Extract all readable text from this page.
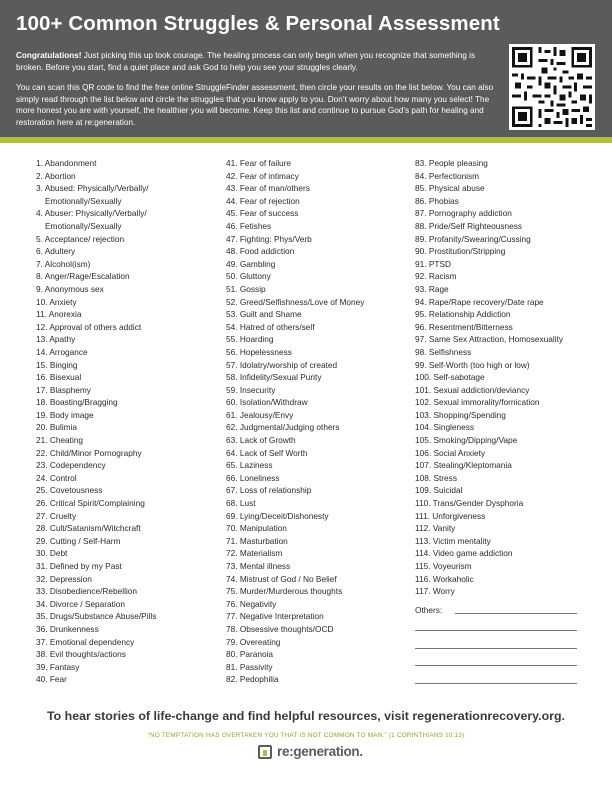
100+ Common Struggles & Personal Assessment

Congratulations! Just picking this up took courage. The healing process can only begin when you recognize that something is broken. Before you start, find a quiet place and ask God to help you see your struggles clearly.

You can scan this QR code to find the free online StruggleFinder assessment, then circle your results on the list below. You can also simply read through the list below and circle the struggles that you know apply to you. Don’t worry about how many you select! The more honest you are with yourself, the healthier you will become. Keep this list and continue to pursue God’s path for healing and restoration here at re:generation.

1. Abandonment
2. Abortion
3. Abused: Physically/Verbally/
Emotionally/Sexually
4. Abuser: Physically/Verbally/
Emotionally/Sexually
5. Acceptance/ rejection
6. Adultery
7. Alcohol(ism)
8. Anger/Rage/Escalation
9. Anonymous sex
10. Anxiety
11. Anorexia
12. Approval of others addict
13. Apathy
14. Arrogance
15. Binging
16. Bisexual
17. Blasphemy
18. Boasting/Bragging
19. Body image
20. Bulimia
21. Cheating
22. Child/Minor Pornography
23. Codependency
24. Control
25. Covetousness
26. Critical Spirit/Complaining
27. Cruelty
28. Cult/Satanism/Witchcraft
29. Cutting / Self-Harm
30. Debt
31. Defined by my Past
32. Depression
33. Disobedience/Rebellion
34. Divorce / Separation
35. Drugs/Substance Abuse/Pills
36. Drunkenness
37. Emotional dependency
38. Evil thoughts/actions
39. Fantasy
40. Fear
41. Fear of failure
42. Fear of intimacy
43. Fear of man/others
44. Fear of rejection
45. Fear of success
46. Fetishes
47. Fighting: Phys/Verb
48. Food addiction
49. Gambling
50. Gluttony
51. Gossip
52. Greed/Selfishness/Love of Money
53. Guilt and Shame
54. Hatred of others/self
55. Hoarding
56. Hopelessness
57. Idolatry/worship of created
58. Infidelity/Sexual Purity
59. Insecurity
60. Isolation/Withdraw
61. Jealousy/Envy
62. Judgmental/Judging others
63. Lack of Growth
64. Lack of Self Worth
65. Laziness
66. Loneliness
67. Loss of relationship
68. Lust
69. Lying/Deceit/Dishonesty
70. Manipulation
71. Masturbation
72. Materialism
73. Mental illness
74. Mistrust of God / No Belief
75. Murder/Murderous thoughts
76. Negativity
77. Negative Interpretation
78. Obsessive thoughts/OCD
79. Overeating
80. Paranoia
81. Passivity
82. Pedophilia
83. People pleasing
84. Perfectionism
85. Physical abuse
86. Phobias
87. Pornography addiction
88. Pride/Self Righteousness
89. Profanity/Swearing/Cussing
90. Prostitution/Stripping
91. PTSD
92. Racism
93. Rage
94. Rape/Rape recovery/Date rape
95. Relationship Addiction
96. Resentment/Bitterness
97. Same Sex Attraction, Homosexuality
98. Selfishness
99. Self-Worth (too high or low)
100. Self-sabotage
101. Sexual addiction/deviancy
102. Sexual immorality/fornication
103. Shopping/Spending
104. Singleness
105. Smoking/Dipping/Vape
106. Social Anxiety
107. Stealing/Kleptomania
108. Stress
109. Suicidal
110. Trans/Gender Dysphoria
111. Unforgiveness
112. Vanity
113. Victim mentality
114. Video game addiction
115. Voyeurism
116. Workaholic
117. Worry
Others:
To hear stories of life-change and find helpful resources, visit regenerationrecovery.org.
“NO TEMPTATION HAS OVERTAKEN YOU THAT IS NOT COMMON TO MAN.” (1 CORINTHIANS 10:13)
re:generation.
